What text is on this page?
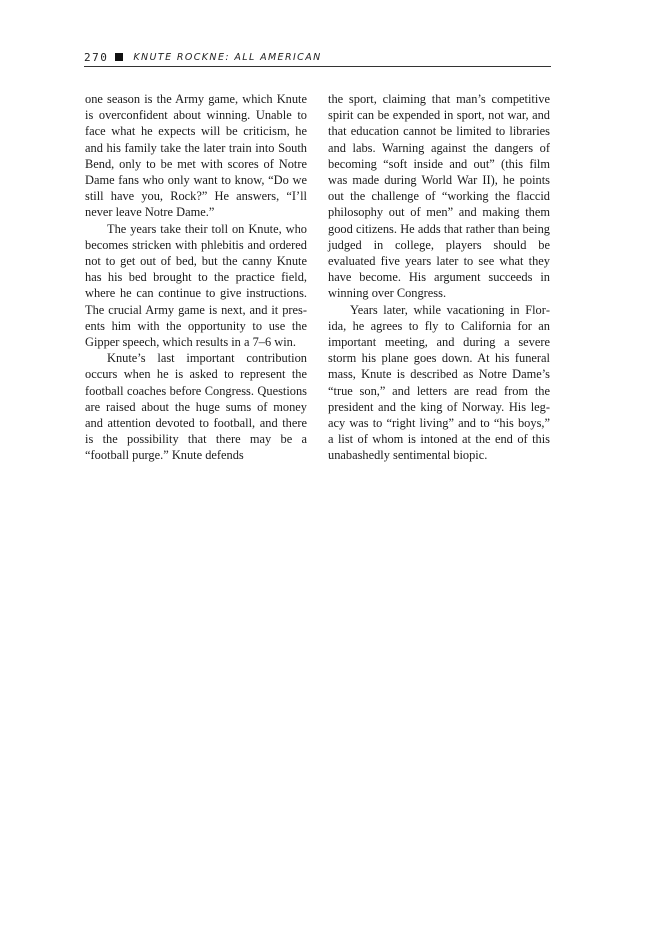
270	KNUTE ROCKNE: ALL AMERICAN

one season is the Army game, which Knute is overconfident about winning. Unable to face what he expects will be criticism, he and his family take the later train into South Bend, only to be met with scores of Notre Dame fans who only want to know, “Do we still have you, Rock?” He answers, “I’ll never leave Notre Dame.”

The years take their toll on Knute, who becomes stricken with phlebitis and ordered not to get out of bed, but the canny Knute has his bed brought to the practice field, where he can continue to give instructions. The crucial Army game is next, and it presents him with the opportunity to use the Gipper speech, which results in a 7–6 win.

Knute’s last important contribution occurs when he is asked to represent the football coaches before Congress. Questions are raised about the huge sums of money and attention devoted to football, and there is the possibility that there may be a “football purge.” Knute defends

the sport, claiming that man’s competitive spirit can be expended in sport, not war, and that education cannot be limited to libraries and labs. Warning against the dangers of becoming “soft inside and out” (this film was made during World War II), he points out the challenge of “working the flaccid philosophy out of men” and making them good citizens. He adds that rather than being judged in college, players should be evaluated five years later to see what they have become. His argument succeeds in winning over Congress.

Years later, while vacationing in Florida, he agrees to fly to California for an important meeting, and during a severe storm his plane goes down. At his funeral mass, Knute is described as Notre Dame’s “true son,” and letters are read from the president and the king of Norway. His legacy was to “right living” and to “his boys,” a list of whom is intoned at the end of this unabashedly sentimental biopic.
